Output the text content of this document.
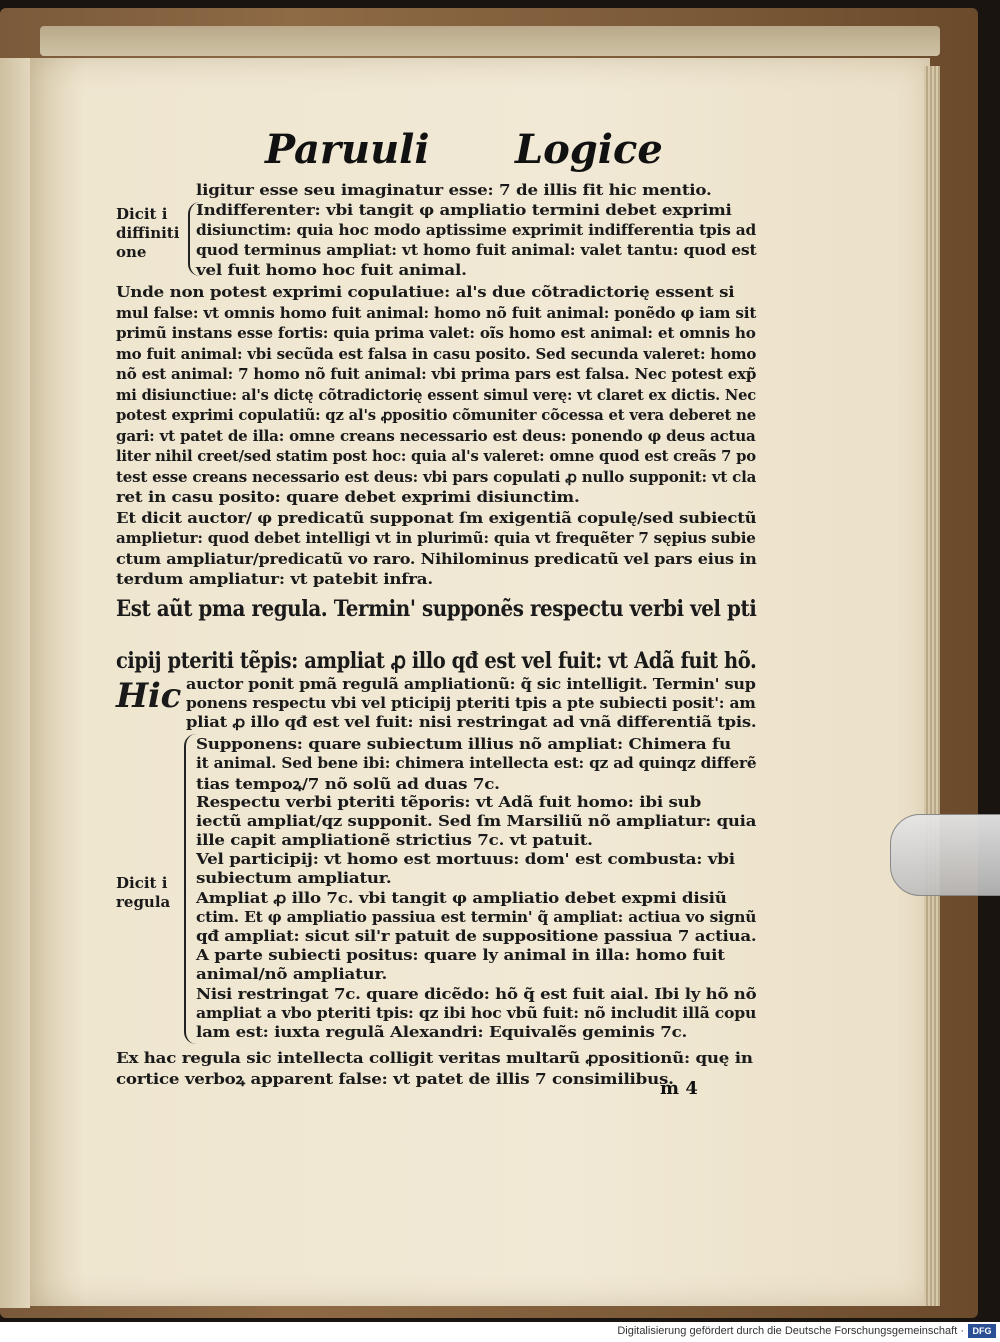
Paruuli Logice
ligitur esse seu imaginatur esse: 7 de illis fit hic mentio.
Indifferenter: vbi tangit φ ampliatio termini debet exprimi
disiunctim: quia hoc modo aptissime exprimit indifferentia tpis ad
quod terminus ampliat: vt homo fuit animal: valet tantu: quod est
vel fuit homo hoc fuit animal.
Unde non potest exprimi copulatiue: al's due cõtradictorię essent si
mul false: vt omnis homo fuit animal: homo nõ fuit animal: ponẽdo φ iam sit
primũ instans esse fortis: quia prima valet: oĩs homo est animal: et omnis ho
mo fuit animal: vbi secũda est falsa in casu posito. Sed secunda valeret: homo
nõ est animal: 7 homo nõ fuit animal: vbi prima pars est falsa. Nec potest exp̃
mi disiunctiue: al's dictę cõtradictorię essent simul verę: vt claret ex dictis. Nec
potest exprimi copulatiũ: qz al's ꝓpositio cõmuniter cõcessa et vera deberet ne
gari: vt patet de illa: omne creans necessario est deus: ponendo φ deus actua
liter nihil creet/sed statim post hoc: quia al's valeret: omne quod est creãs 7 po
test esse creans necessario est deus: vbi pars copulati ꝓ nullo supponit: vt cla
ret in casu posito: quare debet exprimi disiunctim.
Et dicit auctor/ φ predicatũ supponat ſm exigentiã copulę/sed subiectũ
amplietur: quod debet intelligi vt in plurimũ: quia vt frequẽter 7 sępius subie
ctum ampliatur/predicatũ vo raro. Nihilominus predicatũ vel pars eius in
terdum ampliatur: vt patebit infra.
Est aũt pma regula. Termin' supponẽs respectu verbi vel pti
cipij pteriti tẽpis: ampliat ꝓ illo qđ est vel fuit: vt Adã fuit hõ.
auctor ponit pmã regulã ampliationũ: q̃ sic intelligit. Termin' sup
ponens respectu vbi vel pticipij pteriti tpis a pte subiecti posit': am
pliat ꝓ illo qđ est vel fuit: nisi restringat ad vnã differentiã tpis.
Supponens: quare subiectum illius nõ ampliat: Chimera fu
it animal. Sed bene ibi: chimera intellecta est: qz ad quinqz differẽ
tias tempoꝝ/7 nõ solũ ad duas 7c.
Respectu verbi pteriti tẽporis: vt Adã fuit homo: ibi sub
iectũ ampliat/qz supponit. Sed ſm Marsiliũ nõ ampliatur: quia
ille capit ampliationẽ strictius 7c. vt patuit.
Vel participij: vt homo est mortuus: dom' est combusta: vbi
subiectum ampliatur.
Ampliat ꝓ illo 7c. vbi tangit φ ampliatio debet expmi disiũ
ctim. Et φ ampliatio passiua est termin' q̃ ampliat: actiua vo signũ
qđ ampliat: sicut sil'r patuit de suppositione passiua 7 actiua.
A parte subiecti positus: quare ly animal in illa: homo fuit
animal/nõ ampliatur.
Nisi restringat 7c. quare dicẽdo: hõ q̃ est fuit aial. Ibi ly hõ nõ
ampliat a vbo pteriti tpis: qz ibi hoc vbũ fuit: nõ includit illã copu
lam est: iuxta regulã Alexandri: Equivalẽs geminis 7c.
Ex hac regula sic intellecta colligit veritas multarũ ꝓpositionũ: quę in
cortice verboꝝ apparent false: vt patet de illis 7 consimilibus.
Dicit i
diffiniti
one
Hic
Dicit i
regula
m 4
Digitalisierung gefördert durch die Deutsche Forschungsgemeinschaft · DFG
